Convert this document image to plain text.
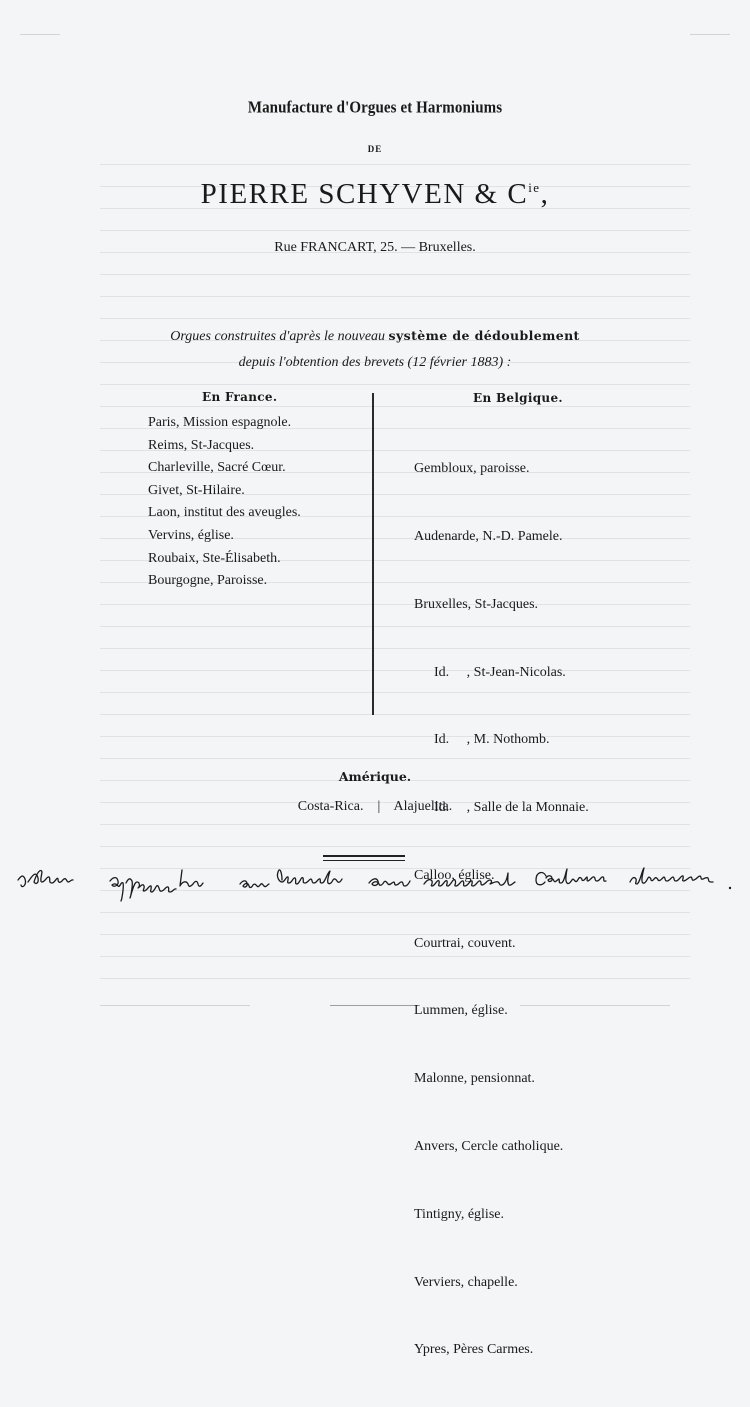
Manufacture d'Orgues et Harmoniums
DE
PIERRE SCHYVEN & $C^{ie}$,
Rue FRANCART, 25. — Bruxelles.
Orgues construites d'après le nouveau système de dédoublement
depuis l'obtention des brevets (12 février 1883) :
En France.
Paris, Mission espagnole.
Reims, St-Jacques.
Charleville, Sacré Cœur.
Givet, St-Hilaire.
Laon, institut des aveugles.
Vervins, église.
Roubaix, Ste-Élisabeth.
Bourgogne, Paroisse.
En Belgique.

Gembloux, paroisse.

Audenarde, N.-D. Pamele.

Bruxelles, St-Jacques.

Id.     , St-Jean-Nicolas.

Id.     , M. Nothomb.

Id.     , Salle de la Monnaie.

Calloo, église.

Courtrai, couvent.

Lummen, église.

Malonne, pensionnat.

Anvers, Cercle catholique.

Tintigny, église.

Verviers, chapelle.

Ypres, Pères Carmes.

Amérique.
Costa-Rica. | Alajuelita.
